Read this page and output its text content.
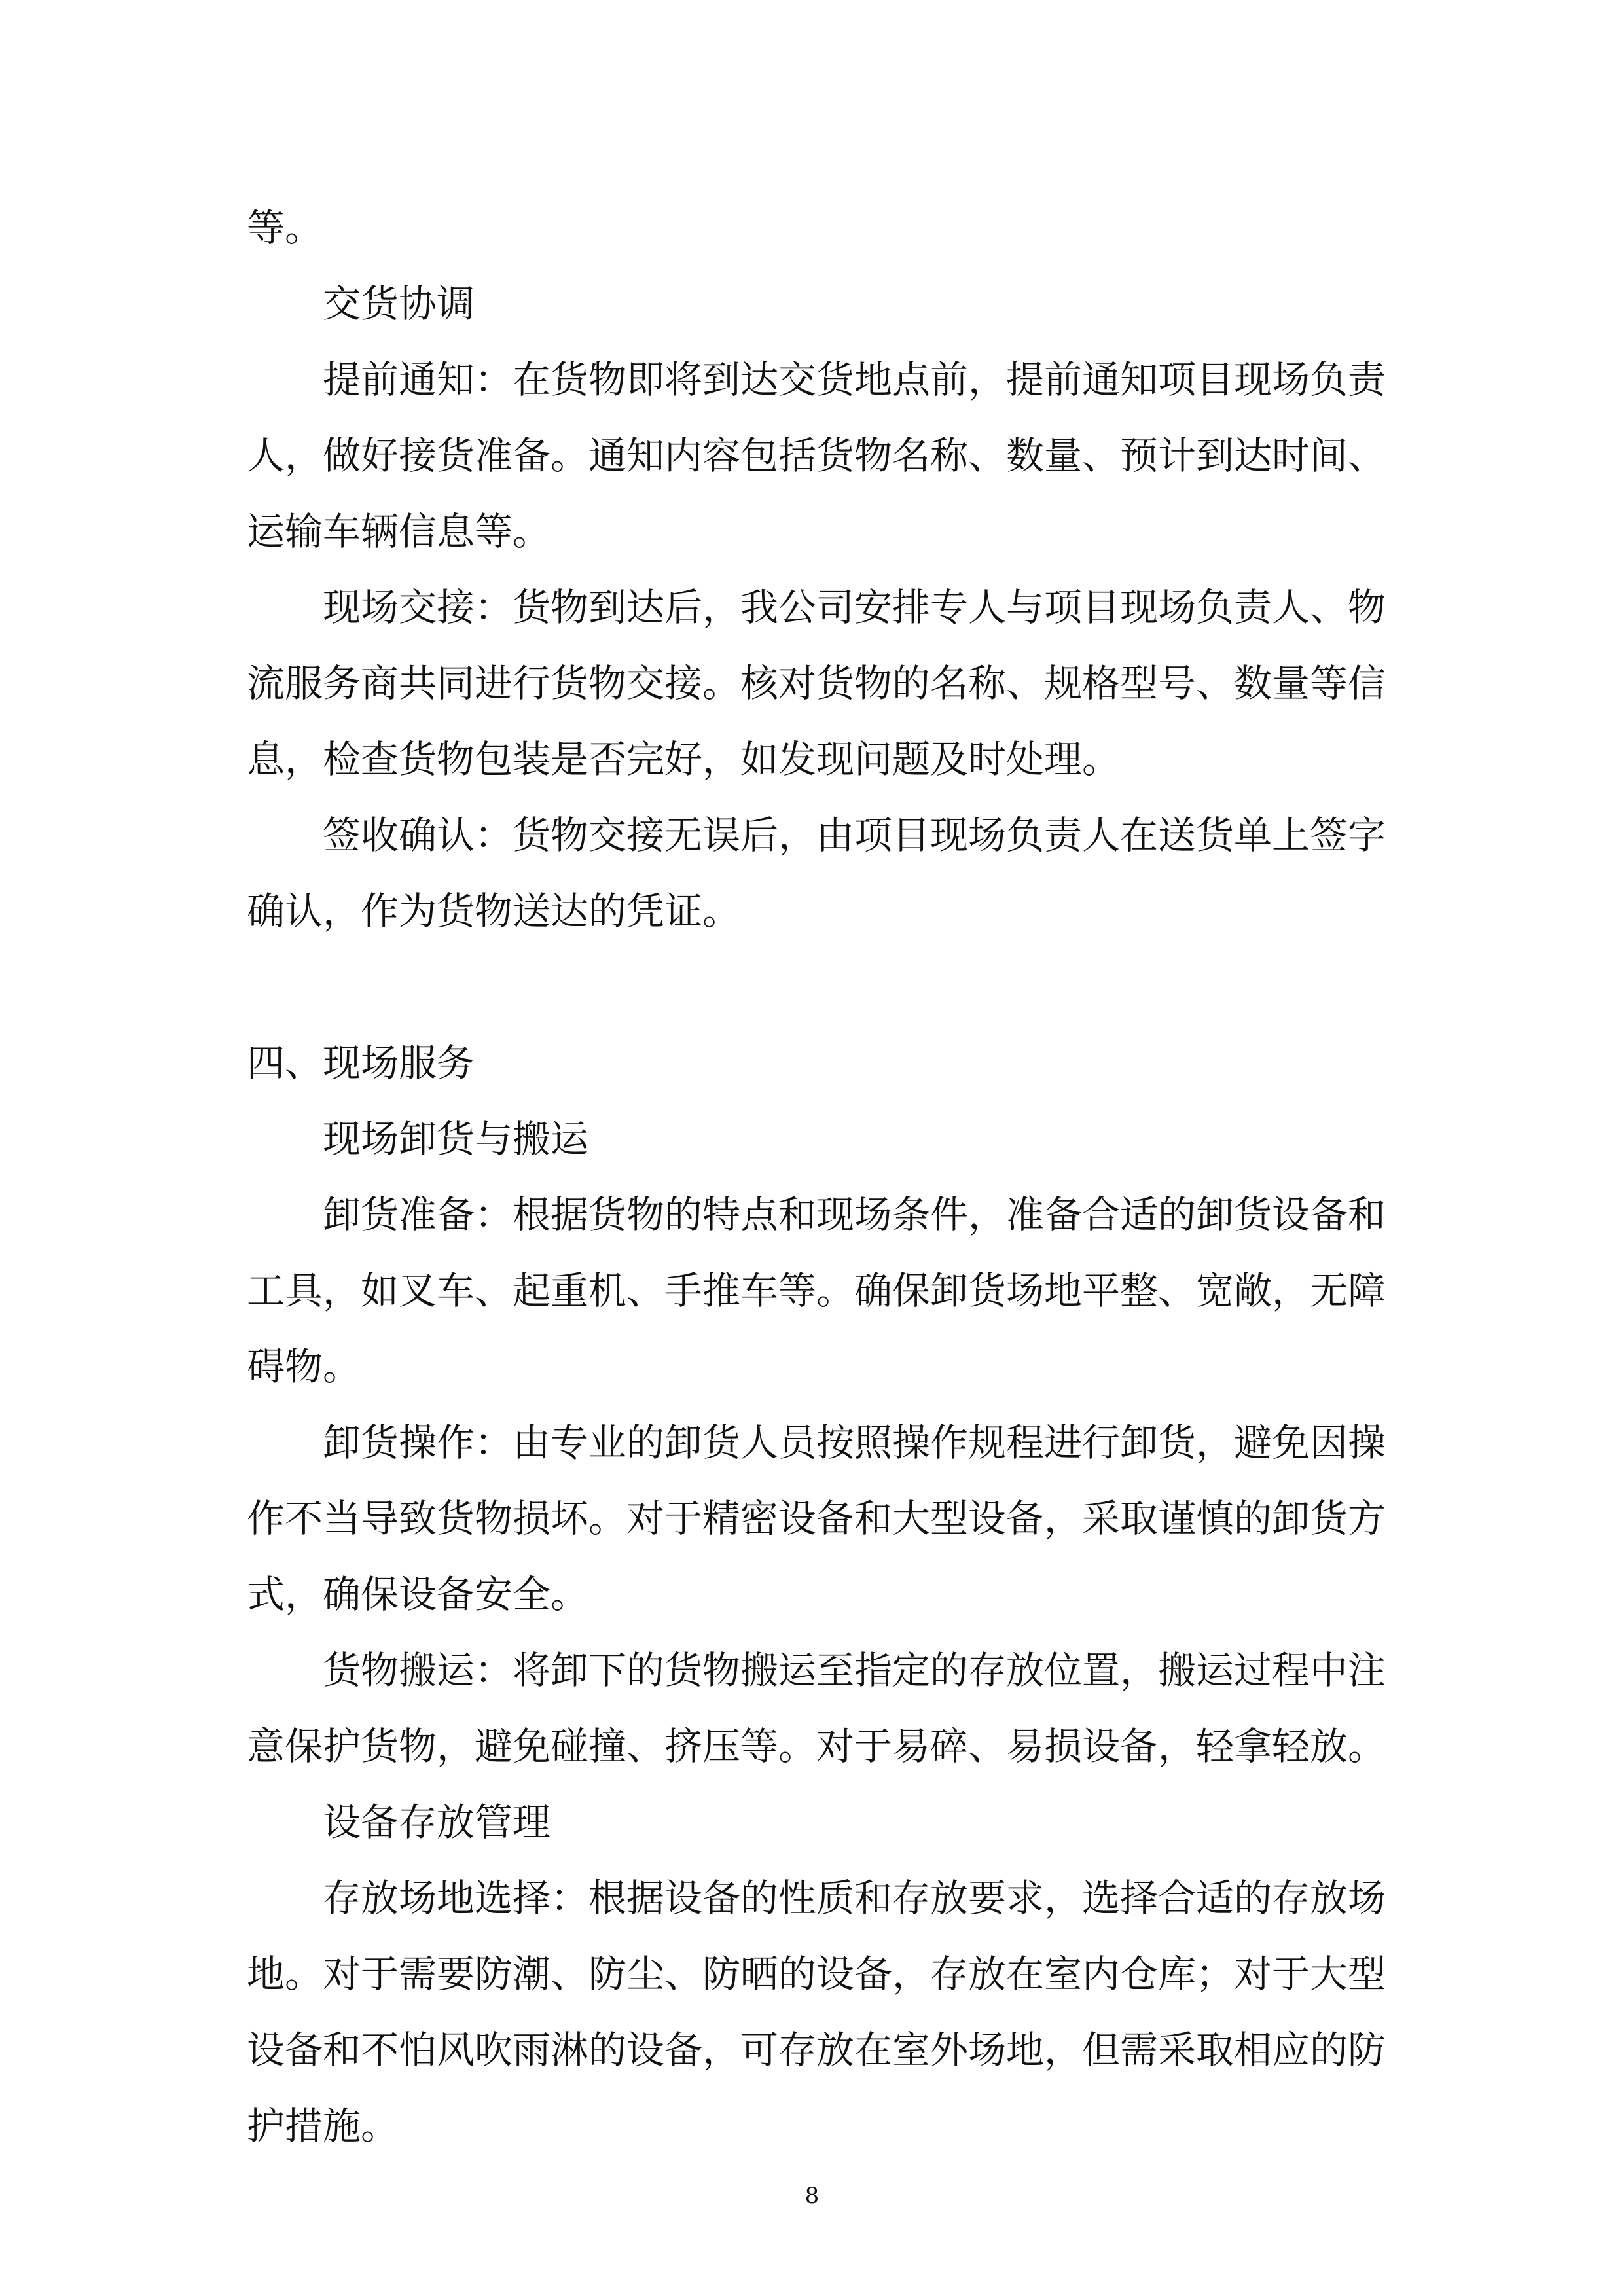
等。
交货协调
提前通知：在货物即将到达交货地点前，提前通知项目现场负责
人，做好接货准备。通知内容包括货物名称、数量、预计到达时间、
运输车辆信息等。
现场交接：货物到达后，我公司安排专人与项目现场负责人、物
流服务商共同进行货物交接。核对货物的名称、规格型号、数量等信
息，检查货物包装是否完好，如发现问题及时处理。
签收确认：货物交接无误后，由项目现场负责人在送货单上签字
确认，作为货物送达的凭证。
四、现场服务
现场卸货与搬运
卸货准备：根据货物的特点和现场条件，准备合适的卸货设备和
工具，如叉车、起重机、手推车等。确保卸货场地平整、宽敞，无障
碍物。
卸货操作：由专业的卸货人员按照操作规程进行卸货，避免因操
作不当导致货物损坏。对于精密设备和大型设备，采取谨慎的卸货方
式，确保设备安全。
货物搬运：将卸下的货物搬运至指定的存放位置，搬运过程中注
意保护货物，避免碰撞、挤压等。对于易碎、易损设备，轻拿轻放。
设备存放管理
存放场地选择：根据设备的性质和存放要求，选择合适的存放场
地。对于需要防潮、防尘、防晒的设备，存放在室内仓库；对于大型
设备和不怕风吹雨淋的设备，可存放在室外场地，但需采取相应的防
护措施。
8
